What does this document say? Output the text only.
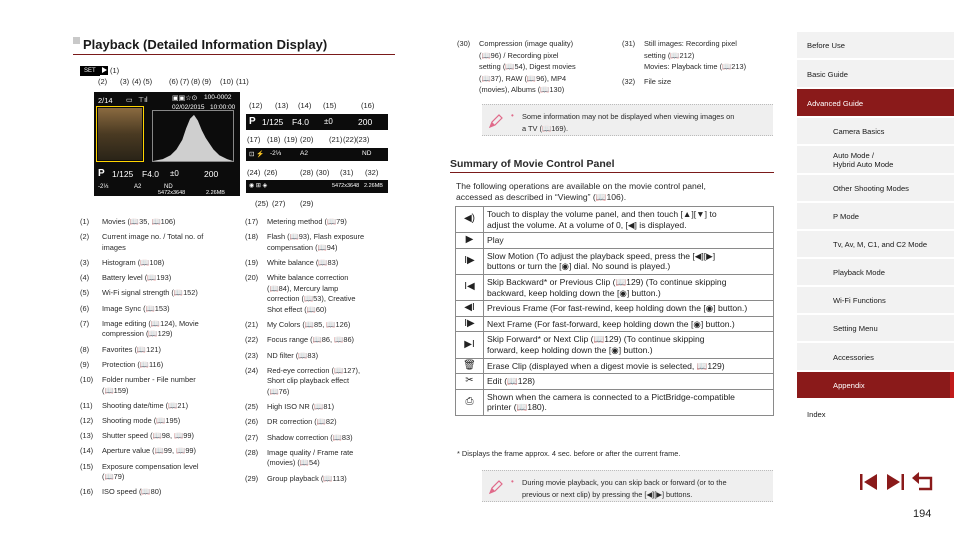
Playback (Detailed Information Display)
SET	(1)
(2) (3) (4) (5) (6) (7) (8) (9) (10) (11)
2/14 ▭ ⊤ıl	▣▣☆⊙ 100-0002
02/02/2015 10:00:00
P 1/125 F4.0 ±0	200
-2⅓	A2	ND
5472x3648	2.26MB
(12) (13) (14) (15)	(16)
(17) (18) (19) (20) (21) (22) (23)
(24) (26)	(28) (30) (31) (32)
(25) (27) (29)
P 1/125 F4.0 ±0	200
⊡ ⚡ -2⅓	A2	ND
◉ ⊞ ◈	5472x3648 2.26MB
(1) Movies (📖35, 📖106)
(2) Current image no. / Total no. of
images
(3) Histogram (📖108)
(4) Battery level (📖193)
(5) Wi-Fi signal strength (📖152)
(6) Image Sync (📖153)
(7) Image editing (📖124), Movie
compression (📖129)
(8) Favorites (📖121)
(9) Protection (📖116)
(10) Folder number - File number
(📖159)
(11) Shooting date/time (📖21)
(12) Shooting mode (📖195)
(13) Shutter speed (📖98, 📖99)
(14) Aperture value (📖99, 📖99)
(15) Exposure compensation level
(📖79)
(16) ISO speed (📖80)
(17) Metering method (📖79)
(18) Flash (📖93), Flash exposure
compensation (📖94)
(19) White balance (📖83)
(20) White balance correction
(📖84), Mercury lamp
correction (📖53), Creative
Shot effect (📖60)
(21) My Colors (📖85, 📖126)
(22) Focus range (📖86, 📖86)
(23) ND filter (📖83)
(24) Red-eye correction (📖127),
Short clip playback effect
(📖76)
(25) High ISO NR (📖81)
(26) DR correction (📖82)
(27) Shadow correction (📖83)
(28) Image quality / Frame rate
(movies) (📖54)
(29) Group playback (📖113)
(30) Compression (image quality)
(📖96) / Recording pixel
setting (📖54), Digest movies
(📖37), RAW (📖96), MP4
(movies), Albums (📖130)
(31) Still images: Recording pixel
setting (📖212)
Movies: Playback time (📖213)
(32) File size
• Some information may not be displayed when viewing images on
a TV (📖169).
Summary of Movie Control Panel
The following operations are available on the movie control panel,
accessed as described in “Viewing” (📖106).
◀)	Touch to display the volume panel, and then touch [▲][▼] to
adjust the volume. At a volume of 0, [◀] is displayed.

▶	Play

I▶	Slow Motion (To adjust the playback speed, press the [◀][▶]
buttons or turn the [◉] dial. No sound is played.)

I◀	Skip Backward* or Previous Clip (📖129) (To continue skipping
backward, keep holding down the [◉] button.)

◀I	Previous Frame (For fast-rewind, keep holding down the [◉] button.)

I▶	Next Frame (For fast-forward, keep holding down the [◉] button.)

▶I	Skip Forward* or Next Clip (📖129) (To continue skipping
forward, keep holding down the [◉] button.)

🗑	Erase Clip (displayed when a digest movie is selected, 📖129)

✂	Edit (📖128)

⎙	Shown when the camera is connected to a PictBridge-compatible
printer (📖180).
* Displays the frame approx. 4 sec. before or after the current frame.
• During movie playback, you can skip back or forward (or to the
previous or next clip) by pressing the [◀][▶] buttons.
Before Use
Basic Guide
Advanced Guide
Camera Basics
Hybrid Auto Mode
Auto Mode /
Other Shooting Modes
P Mode
Tv, Av, M, C1, and C2 Mode
Playback Mode
Wi-Fi Functions
Setting Menu
Accessories
Appendix
Index
194
